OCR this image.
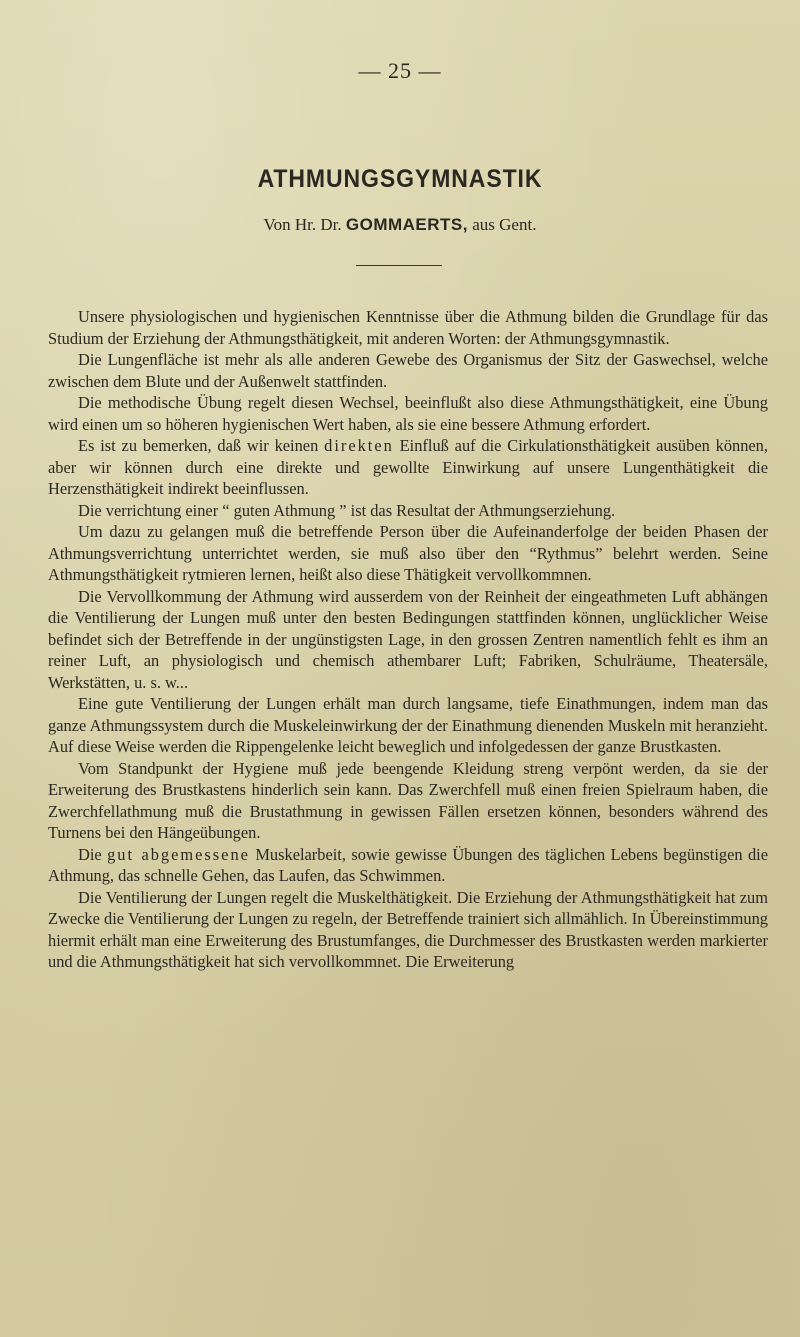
— 25 —
ATHMUNGSGYMNASTIK
Von Hr. Dr. GOMMAERTS, aus Gent.

Unsere physiologischen und hygienischen Kenntnisse über die Athmung bilden die Grundlage für das Studium der Erziehung der Athmungsthätigkeit, mit anderen Worten: der Athmungsgymnastik.

Die Lungenfläche ist mehr als alle anderen Gewebe des Organismus der Sitz der Gaswechsel, welche zwischen dem Blute und der Außenwelt stattfinden.

Die methodische Übung regelt diesen Wechsel, beeinflußt also diese Athmungsthätigkeit, eine Übung wird einen um so höheren hygienischen Wert haben, als sie eine bessere Athmung erfordert.

Es ist zu bemerken, daß wir keinen direkten Einfluß auf die Cirkulationsthätigkeit ausüben können, aber wir können durch eine direkte und gewollte Einwirkung auf unsere Lungenthätigkeit die Herzensthätigkeit indirekt beeinflussen.

Die verrichtung einer “ guten Athmung ” ist das Resultat der Athmungserziehung.

Um dazu zu gelangen muß die betreffende Person über die Aufeinanderfolge der beiden Phasen der Athmungsverrichtung unterrichtet werden, sie muß also über den “Rythmus” belehrt werden. Seine Athmungsthätigkeit rytmieren lernen, heißt also diese Thätigkeit vervollkommnen.

Die Vervollkommung der Athmung wird ausserdem von der Reinheit der eingeathmeten Luft abhängen die Ventilierung der Lungen muß unter den besten Bedingungen stattfinden können, unglücklicher Weise befindet sich der Betreffende in der ungünstigsten Lage, in den grossen Zentren namentlich fehlt es ihm an reiner Luft, an physiologisch und chemisch athembarer Luft; Fabriken, Schulräume, Theatersäle, Werkstätten, u. s. w...

Eine gute Ventilierung der Lungen erhält man durch langsame, tiefe Einathmungen, indem man das ganze Athmungssystem durch die Muskeleinwirkung der der Einathmung dienenden Muskeln mit heranzieht. Auf diese Weise werden die Rippengelenke leicht beweglich und infolgedessen der ganze Brustkasten.

Vom Standpunkt der Hygiene muß jede beengende Kleidung streng verpönt werden, da sie der Erweiterung des Brustkastens hinderlich sein kann. Das Zwerchfell muß einen freien Spielraum haben, die Zwerchfellathmung muß die Brustathmung in gewissen Fällen ersetzen können, besonders während des Turnens bei den Hängeübungen.

Die gut abgemessene Muskelarbeit, sowie gewisse Übungen des täglichen Lebens begünstigen die Athmung, das schnelle Gehen, das Laufen, das Schwimmen.

Die Ventilierung der Lungen regelt die Muskelthätigkeit. Die Erziehung der Athmungsthätigkeit hat zum Zwecke die Ventilierung der Lungen zu regeln, der Betreffende trainiert sich allmählich. In Übereinstimmung hiermit erhält man eine Erweiterung des Brustumfanges, die Durchmesser des Brustkasten werden markierter und die Athmungsthätigkeit hat sich vervollkommnet. Die Erweiterung
